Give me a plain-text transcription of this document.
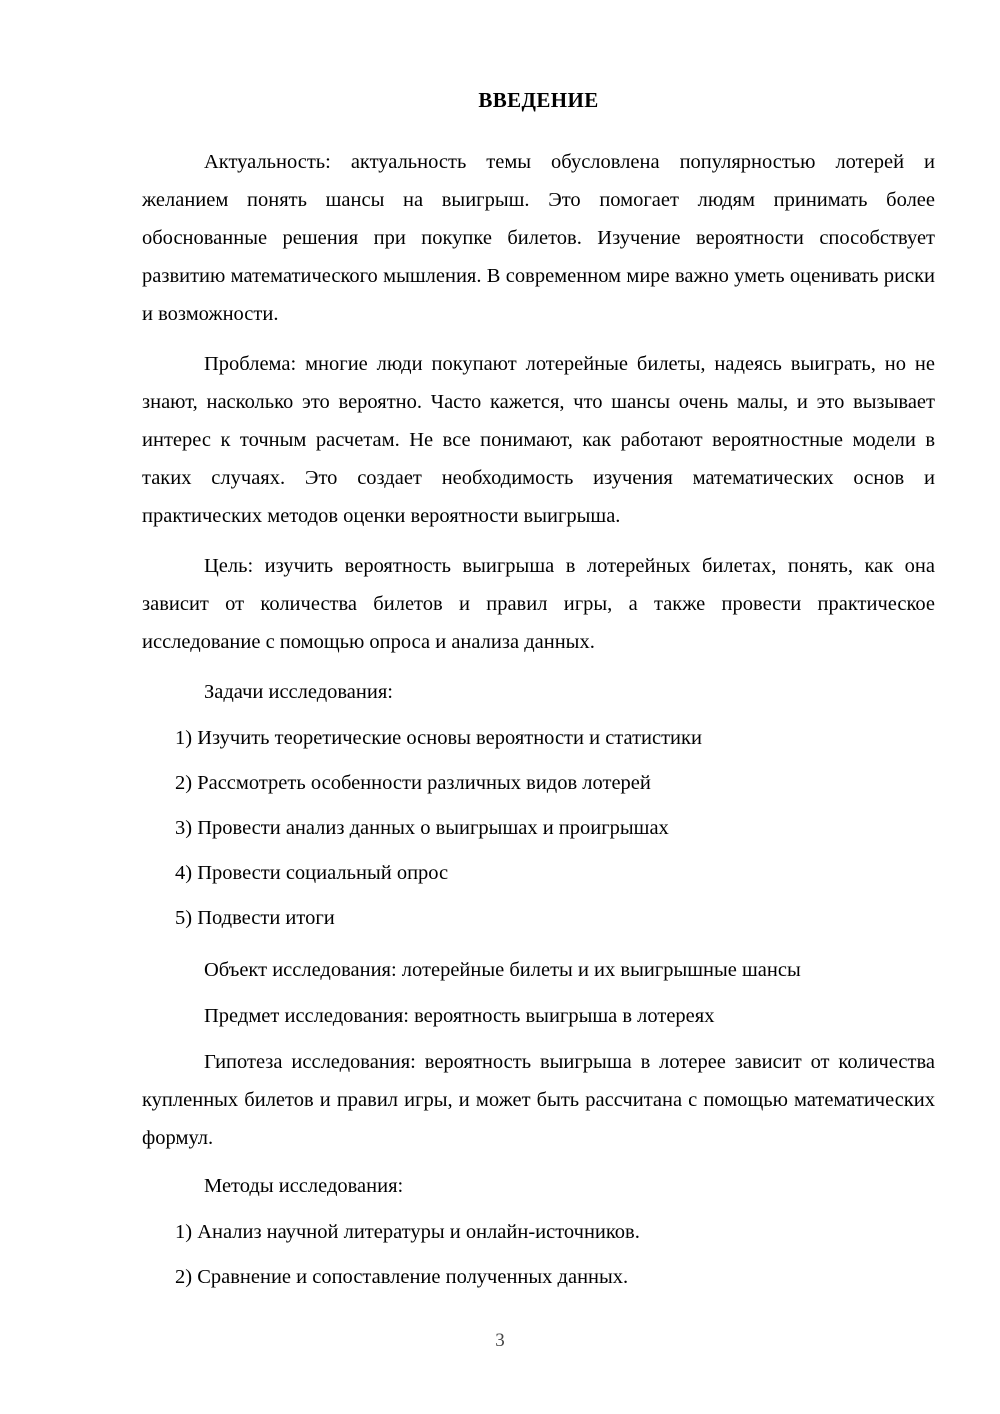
ВВЕДЕНИЕ

Актуальность: актуальность темы обусловлена популярностью лотерей и желанием понять шансы на выигрыш. Это помогает людям принимать более обоснованные решения при покупке билетов. Изучение вероятности способствует развитию математического мышления. В современном мире важно уметь оценивать риски и возможности.

Проблема: многие люди покупают лотерейные билеты, надеясь выиграть, но не знают, насколько это вероятно. Часто кажется, что шансы очень малы, и это вызывает интерес к точным расчетам. Не все понимают, как работают вероятностные модели в таких случаях. Это создает необходимость изучения математических основ и практических методов оценки вероятности выигрыша.

Цель: изучить вероятность выигрыша в лотерейных билетах, понять, как она зависит от количества билетов и правил игры, а также провести практическое исследование с помощью опроса и анализа данных.

Задачи исследования:
1) Изучить теоретические основы вероятности и статистики
2) Рассмотреть особенности различных видов лотерей
3) Провести анализ данных о выигрышах и проигрышах
4) Провести социальный опрос
5) Подвести итоги
Объект исследования: лотерейные билеты и их выигрышные шансы
Предмет исследования: вероятность выигрыша в лотереях

Гипотеза исследования: вероятность выигрыша в лотерее зависит от количества купленных билетов и правил игры, и может быть рассчитана с помощью математических формул.

Методы исследования:
1) Анализ научной литературы и онлайн-источников.
2) Сравнение и сопоставление полученных данных.
3
